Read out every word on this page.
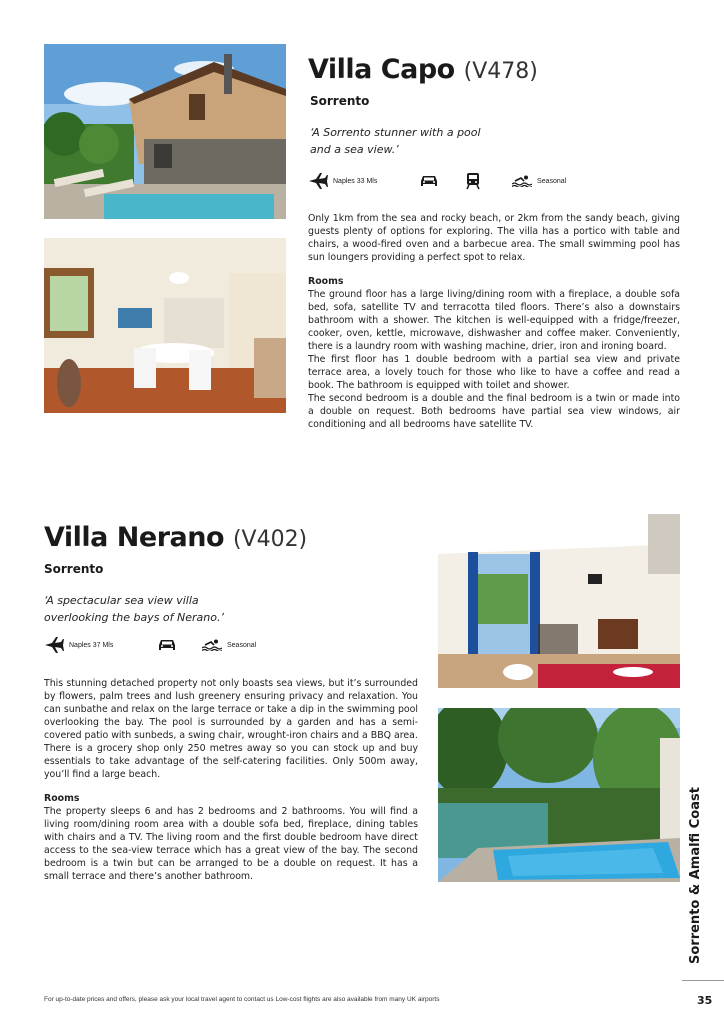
Villa Capo (V478)
Sorrento
‘A Sorrento stunner with a pool
and a sea view.’
Naples 33 Mls	Seasonal

Only 1km from the sea and rocky beach, or 2km from the sandy beach, giving guests plenty of options for exploring. The villa has a portico with table and chairs, a wood-fired oven and a barbecue area. The small swimming pool has sun loungers providing a perfect spot to relax.

Rooms

The ground floor has a large living/dining room with a fireplace, a double sofa bed, sofa, satellite TV and terracotta tiled floors. There’s also a downstairs bathroom with a shower. The kitchen is well-equipped with a fridge/freezer, cooker, oven, kettle, microwave, dishwasher and coffee maker. Conveniently, there is a laundry room with washing machine, drier, iron and ironing board.

The first floor has 1 double bedroom with a partial sea view and private terrace area, a lovely touch for those who like to have a coffee and read a book. The bathroom is equipped with toilet and shower.

The second bedroom is a double and the final bedroom is a twin or made into a double on request. Both bedrooms have partial sea view windows, air conditioning and all bedrooms have satellite TV.

Villa Nerano (V402)
Sorrento
‘A spectacular sea view villa
overlooking the bays of Nerano.’
Naples 37 Mls	Seasonal

This stunning detached property not only boasts sea views, but it’s surrounded by flowers, palm trees and lush greenery ensuring privacy and relaxation. You can sunbathe and relax on the large terrace or take a dip in the swimming pool overlooking the bay. The pool is surrounded by a garden and has a semi-covered patio with sunbeds, a swing chair, wrought-iron chairs and a BBQ area.

There is a grocery shop only 250 metres away so you can stock up and buy essentials to take advantage of the self-catering facilities. Only 500m away, you’ll find a large beach.

Rooms

The property sleeps 6 and has 2 bedrooms and 2 bathrooms. You will find a living room/dining room area with a double sofa bed, fireplace, dining tables with chairs and a TV. The living room and the first double bedroom have direct access to the sea-view terrace which has a great view of the bay. The second bedroom is a twin but can be arranged to be a double on request. It has a small terrace and there’s another bathroom.	Sorrento & Amalfi Coast
For up-to-date prices and offers, please ask your local travel agent to contact us Low-cost flights are also available from many UK airports	35
